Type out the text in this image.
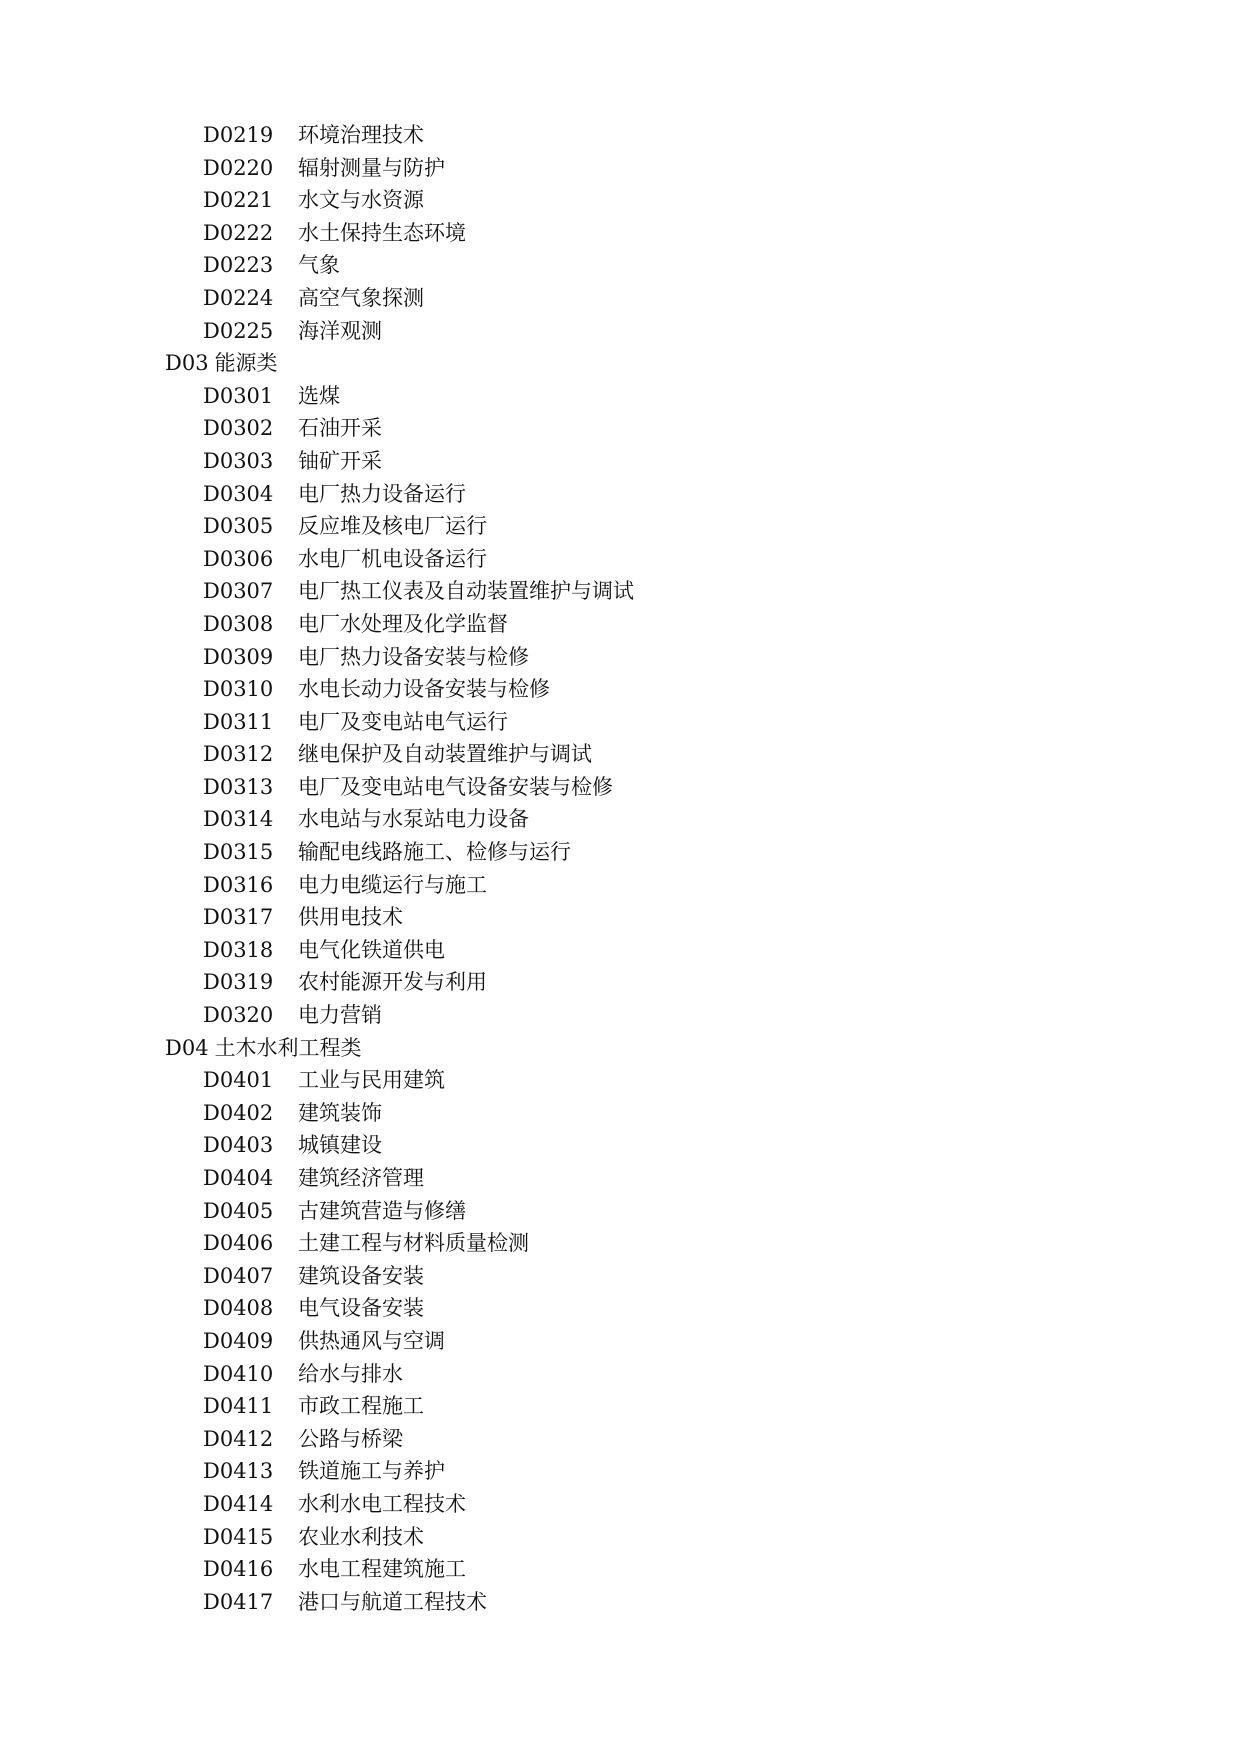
D0219 环境治理技术
D0220 辐射测量与防护
D0221 水文与水资源
D0222 水土保持生态环境
D0223 气象
D0224 高空气象探测
D0225 海洋观测
D03 能源类
D0301 选煤
D0302 石油开采
D0303 铀矿开采
D0304 电厂热力设备运行
D0305 反应堆及核电厂运行
D0306 水电厂机电设备运行
D0307 电厂热工仪表及自动装置维护与调试
D0308 电厂水处理及化学监督
D0309 电厂热力设备安装与检修
D0310 水电长动力设备安装与检修
D0311 电厂及变电站电气运行
D0312 继电保护及自动装置维护与调试
D0313 电厂及变电站电气设备安装与检修
D0314 水电站与水泵站电力设备
D0315 输配电线路施工、检修与运行
D0316 电力电缆运行与施工
D0317 供用电技术
D0318 电气化铁道供电
D0319 农村能源开发与利用
D0320 电力营销
D04 土木水利工程类
D0401 工业与民用建筑
D0402 建筑装饰
D0403 城镇建设
D0404 建筑经济管理
D0405 古建筑营造与修缮
D0406 土建工程与材料质量检测
D0407 建筑设备安装
D0408 电气设备安装
D0409 供热通风与空调
D0410 给水与排水
D0411 市政工程施工
D0412 公路与桥梁
D0413 铁道施工与养护
D0414 水利水电工程技术
D0415 农业水利技术
D0416 水电工程建筑施工
D0417 港口与航道工程技术
